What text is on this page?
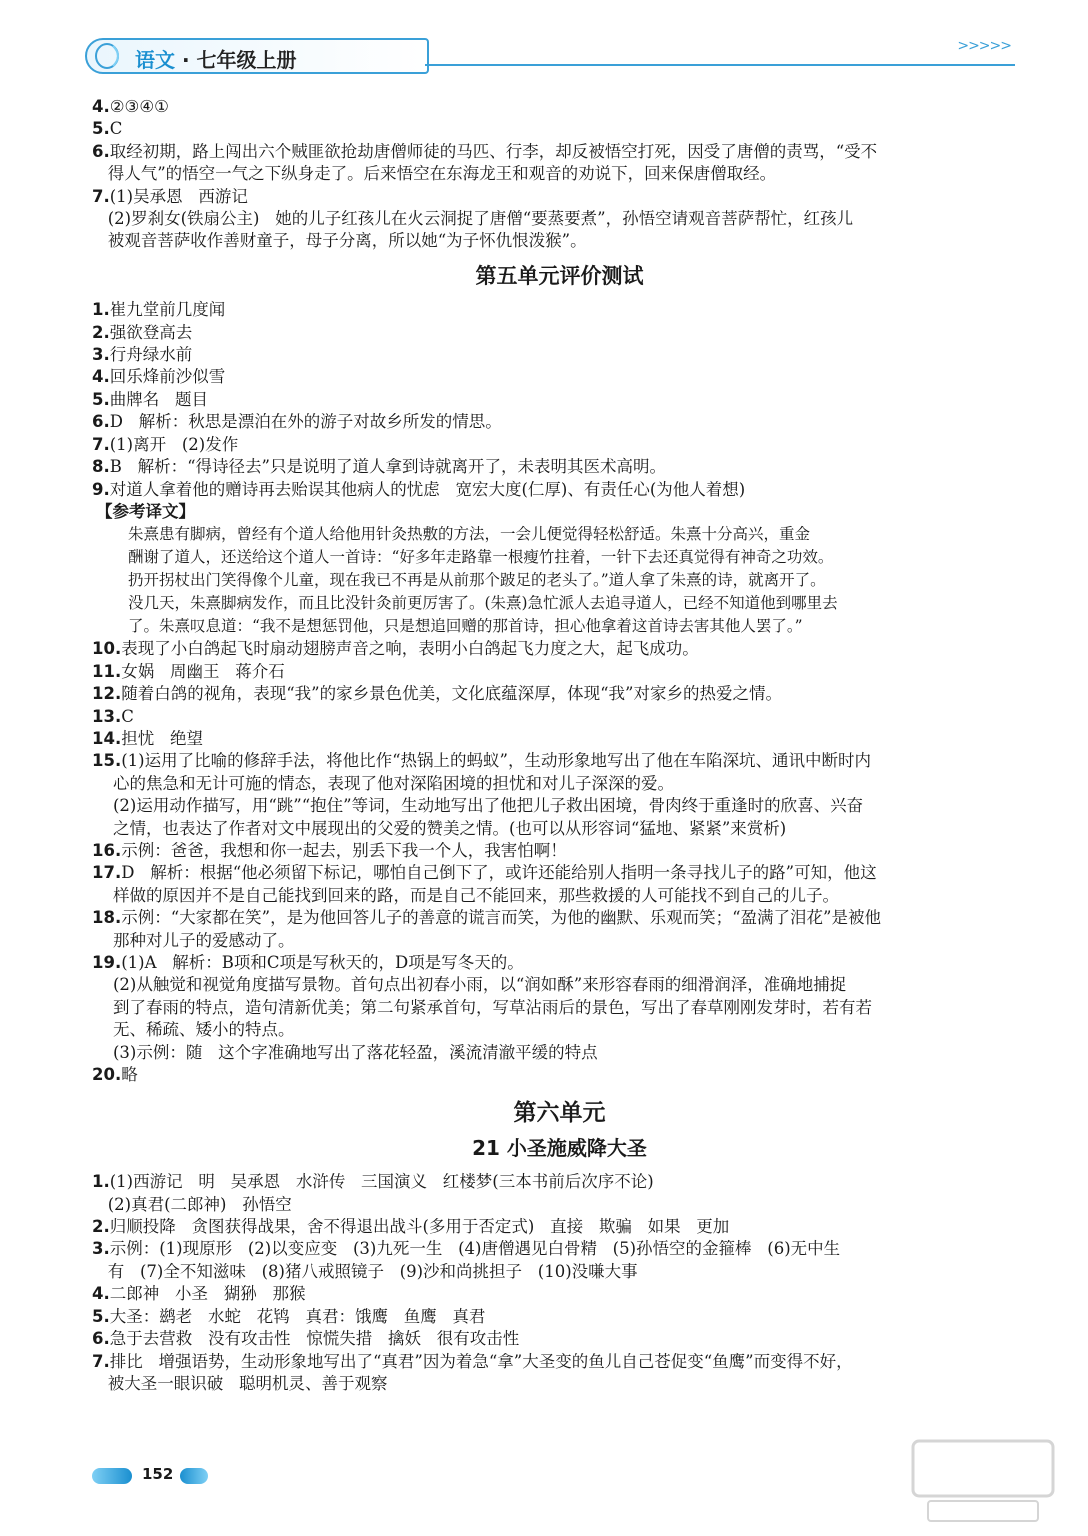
语文 · 七年级上册
>>>>>
4.②③④①
5.C
6.取经初期，路上闯出六个贼匪欲抢劫唐僧师徒的马匹、行李，却反被悟空打死，因受了唐僧的责骂，“受不
得人气”的悟空一气之下纵身走了。后来悟空在东海龙王和观音的劝说下，回来保唐僧取经。
7.(1)吴承恩   西游记
(2)罗刹女(铁扇公主)   她的儿子红孩儿在火云洞捉了唐僧“要蒸要煮”，孙悟空请观音菩萨帮忙，红孩儿
被观音菩萨收作善财童子，母子分离，所以她“为子怀仇恨泼猴”。
第五单元评价测试
1.崔九堂前几度闻
2.强欲登高去
3.行舟绿水前
4.回乐烽前沙似雪
5.曲牌名   题目
6.D   解析：秋思是漂泊在外的游子对故乡所发的情思。
7.(1)离开   (2)发作
8.B   解析：“得诗径去”只是说明了道人拿到诗就离开了，未表明其医术高明。
9.对道人拿着他的赠诗再去贻误其他病人的忧虑   宽宏大度(仁厚)、有责任心(为他人着想)
【参考译文】
朱熹患有脚病，曾经有个道人给他用针灸热敷的方法，一会儿便觉得轻松舒适。朱熹十分高兴，重金
酬谢了道人，还送给这个道人一首诗：“好多年走路靠一根瘦竹拄着，一针下去还真觉得有神奇之功效。
扔开拐杖出门笑得像个儿童，现在我已不再是从前那个跛足的老头了。”道人拿了朱熹的诗，就离开了。
没几天，朱熹脚病发作，而且比没针灸前更厉害了。(朱熹)急忙派人去追寻道人，已经不知道他到哪里去
了。朱熹叹息道：“我不是想惩罚他，只是想追回赠的那首诗，担心他拿着这首诗去害其他人罢了。”
10.表现了小白鸽起飞时扇动翅膀声音之响，表明小白鸽起飞力度之大，起飞成功。
11.女娲   周幽王   蒋介石
12.随着白鸽的视角，表现“我”的家乡景色优美，文化底蕴深厚，体现“我”对家乡的热爱之情。
13.C
14.担忧   绝望
15.(1)运用了比喻的修辞手法，将他比作“热锅上的蚂蚁”，生动形象地写出了他在车陷深坑、通讯中断时内
心的焦急和无计可施的情态，表现了他对深陷困境的担忧和对儿子深深的爱。
(2)运用动作描写，用“跳”“抱住”等词，生动地写出了他把儿子救出困境，骨肉终于重逢时的欣喜、兴奋
之情，也表达了作者对文中展现出的父爱的赞美之情。(也可以从形容词“猛地、紧紧”来赏析)
16.示例：爸爸，我想和你一起去，别丢下我一个人，我害怕啊！
17.D   解析：根据“他必须留下标记，哪怕自己倒下了，或许还能给别人指明一条寻找儿子的路”可知，他这
样做的原因并不是自己能找到回来的路，而是自己不能回来，那些救援的人可能找不到自己的儿子。
18.示例：“大家都在笑”，是为他回答儿子的善意的谎言而笑，为他的幽默、乐观而笑；“盈满了泪花”是被他
那种对儿子的爱感动了。
19.(1)A   解析：B项和C项是写秋天的，D项是写冬天的。
(2)从触觉和视觉角度描写景物。首句点出初春小雨，以“润如酥”来形容春雨的细滑润泽，准确地捕捉
到了春雨的特点，造句清新优美；第二句紧承首句，写草沾雨后的景色，写出了春草刚刚发芽时，若有若
无、稀疏、矮小的特点。
(3)示例：随   这个字准确地写出了落花轻盈，溪流清澈平缓的特点
20.略
第六单元
21 小圣施威降大圣
1.(1)西游记   明   吴承恩   水浒传   三国演义   红楼梦(三本书前后次序不论)
(2)真君(二郎神)   孙悟空
2.归顺投降   贪图获得战果，舍不得退出战斗(多用于否定式)   直接   欺骗   如果   更加
3.示例：(1)现原形   (2)以变应变   (3)九死一生   (4)唐僧遇见白骨精   (5)孙悟空的金箍棒   (6)无中生
有   (7)全不知滋味   (8)猪八戒照镜子   (9)沙和尚挑担子   (10)没嗛大事
4.二郎神   小圣   猢狲   那猴
5.大圣：鹚老   水蛇   花鸨   真君：饿鹰   鱼鹰   真君
6.急于去营救   没有攻击性   惊慌失措   擒妖   很有攻击性
7.排比   增强语势，生动形象地写出了“真君”因为着急“拿”大圣变的鱼儿自己苍促变“鱼鹰”而变得不好，
被大圣一眼识破   聪明机灵、善于观察
152
